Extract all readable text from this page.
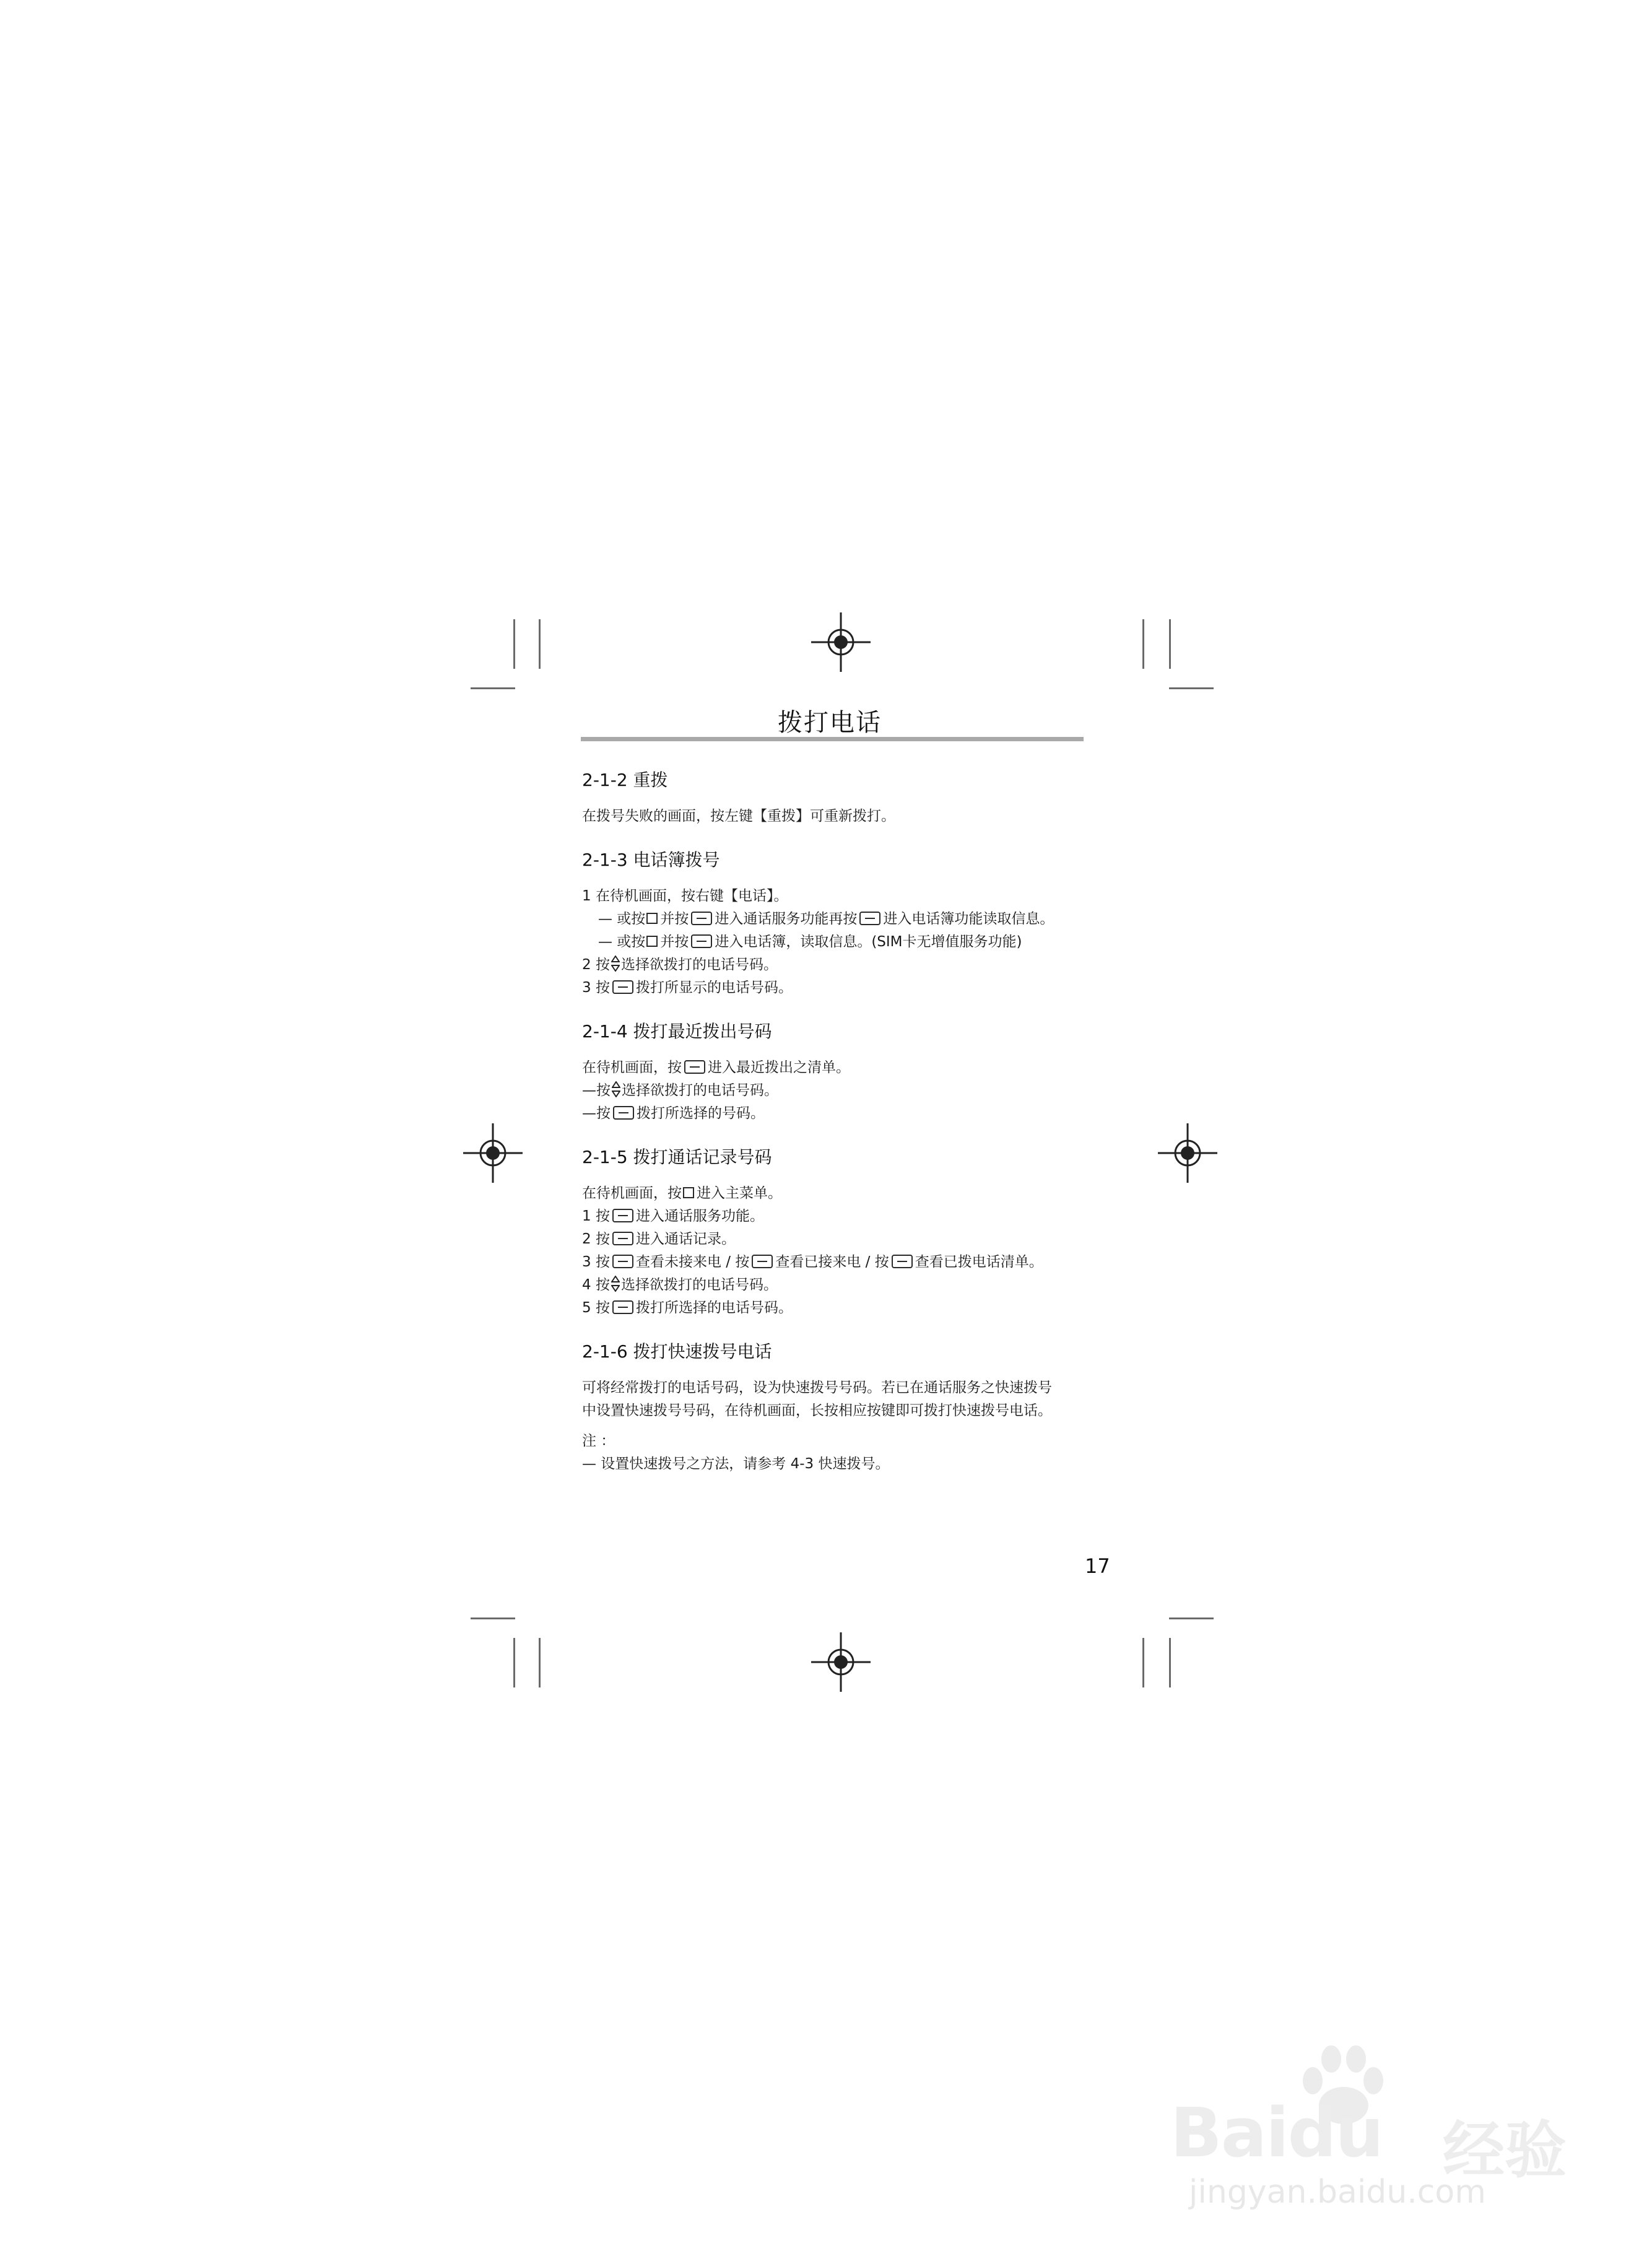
拨打电话
2-1-2 重拨
在拨号失败的画面，按左键【重拨】可重新拨打。
2-1-3 电话簿拨号
1 在待机画面，按右键【电话】。
— 或按 并按 进入通话服务功能再按 进入电话簿功能读取信息。
— 或按 并按 进入电话簿，读取信息。(SIM卡无增值服务功能)
2 按 选择欲拨打的电话号码。
3 按 拨打所显示的电话号码。
2-1-4 拨打最近拨出号码
在待机画面，按 进入最近拨出之清单。
—按 选择欲拨打的电话号码。
—按 拨打所选择的号码。
2-1-5 拨打通话记录号码
在待机画面，按 进入主菜单。
1 按 进入通话服务功能。
2 按 进入通话记录。
3 按 查看未接来电 / 按 查看已接来电 / 按 查看已拨电话清单。
4 按 选择欲拨打的电话号码。
5 按 拨打所选择的电话号码。
2-1-6 拨打快速拨号电话
可将经常拨打的电话号码，设为快速拨号号码。若已在通话服务之快速拨号
中设置快速拨号号码，在待机画面，长按相应按键即可拨打快速拨号电话。
注 ：
— 设置快速拨号之方法，请参考 4-3 快速拨号。
17
Baidu 经验
jingyan.baidu.com
